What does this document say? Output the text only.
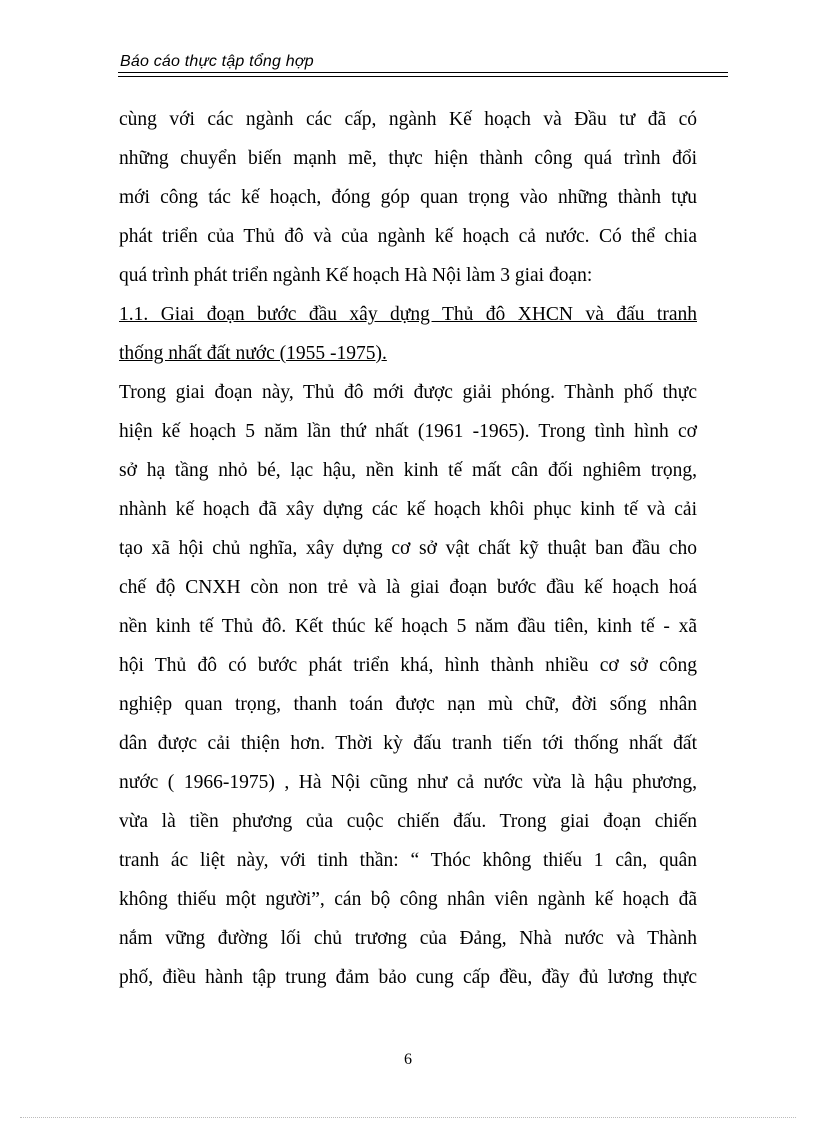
Báo cáo thực tập tổng hợp
cùng với các ngành các cấp, ngành Kế hoạch và Đầu tư đã có
những chuyển biến mạnh mẽ, thực hiện thành công quá trình đổi
mới công tác kế hoạch, đóng góp quan trọng vào những thành tựu
phát triển của Thủ đô và của ngành kế hoạch cả nước. Có thể chia
quá trình phát triển ngành Kế hoạch Hà Nội làm 3 giai đoạn:
1.1. Giai đoạn bước đầu xây dựng Thủ đô XHCN và đấu tranh
thống nhất đất nước (1955 -1975).
Trong giai đoạn này, Thủ đô mới được giải phóng. Thành phố thực
hiện kế hoạch 5 năm lần thứ nhất (1961 -1965). Trong tình hình cơ
sở hạ tầng nhỏ bé, lạc hậu, nền kinh tế mất cân đối nghiêm trọng,
nhành kế hoạch đã xây dựng các kế hoạch khôi phục kinh tế và cải
tạo xã hội chủ nghĩa, xây dựng cơ sở vật chất kỹ thuật ban đầu cho
chế độ CNXH còn non trẻ và là giai đoạn bước đầu kế hoạch hoá
nền kinh tế Thủ đô. Kết thúc kế hoạch 5 năm đầu tiên, kinh tế - xã
hội Thủ đô có bước phát triển khá, hình thành nhiều cơ sở công
nghiệp quan trọng, thanh toán được nạn mù chữ, đời sống nhân
dân được cải thiện hơn. Thời kỳ đấu tranh tiến tới thống nhất đất
nước ( 1966-1975) , Hà Nội cũng như cả nước vừa là hậu phương,
vừa là tiền phương của cuộc chiến đấu. Trong giai đoạn chiến
tranh ác liệt này, với tinh thần: “ Thóc không thiếu 1 cân, quân
không thiếu một người”, cán bộ công nhân viên ngành kế hoạch đã
nắm vững đường lối chủ trương của Đảng, Nhà nước và Thành
phố, điều hành tập trung đảm bảo cung cấp đều, đầy đủ lương thực
6
